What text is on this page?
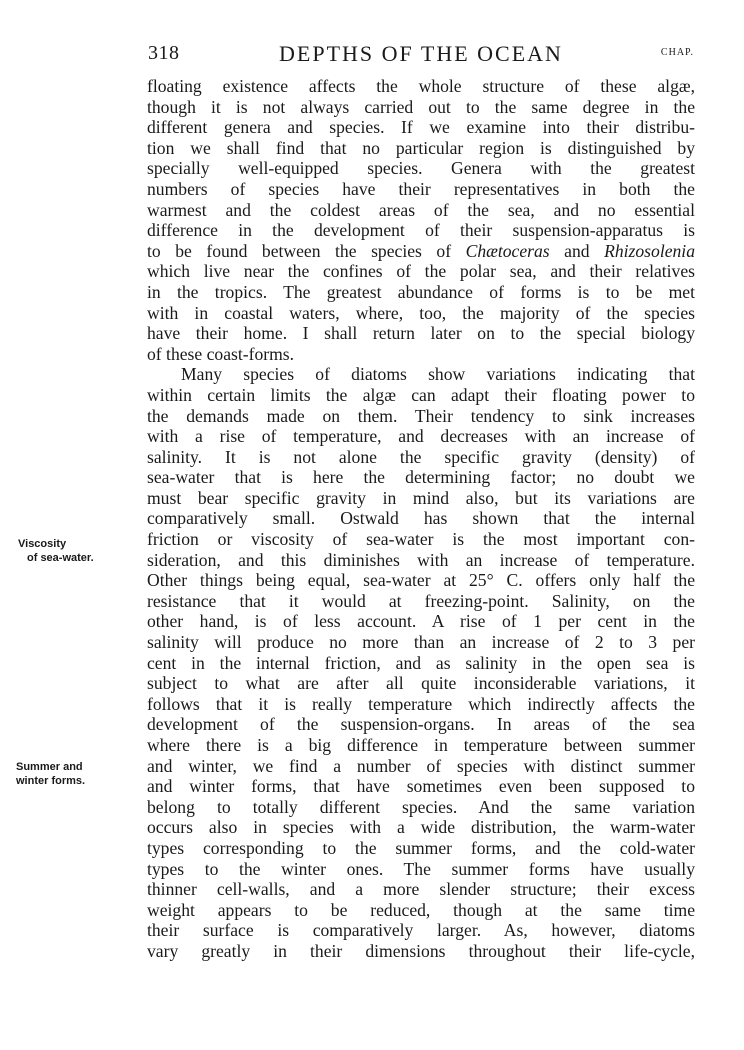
318	DEPTHS OF THE OCEAN	CHAP.
Viscosity
of sea-water.
Summer and
winter forms.
floating existence affects the whole structure of these algæ,
though it is not always carried out to the same degree in the
different genera and species. If we examine into their distribu-
tion we shall find that no particular region is distinguished by
specially well-equipped species. Genera with the greatest
numbers of species have their representatives in both the
warmest and the coldest areas of the sea, and no essential
difference in the development of their suspension-apparatus is
to be found between the species of Chætoceras and Rhizosolenia
which live near the confines of the polar sea, and their relatives
in the tropics. The greatest abundance of forms is to be met
with in coastal waters, where, too, the majority of the species
have their home. I shall return later on to the special biology
of these coast-forms.
Many species of diatoms show variations indicating that
within certain limits the algæ can adapt their floating power to
the demands made on them. Their tendency to sink increases
with a rise of temperature, and decreases with an increase of
salinity. It is not alone the specific gravity (density) of
sea-water that is here the determining factor; no doubt we
must bear specific gravity in mind also, but its variations are
comparatively small. Ostwald has shown that the internal
friction or viscosity of sea-water is the most important con-
sideration, and this diminishes with an increase of temperature.
Other things being equal, sea-water at 25° C. offers only half the
resistance that it would at freezing-point. Salinity, on the
other hand, is of less account. A rise of 1 per cent in the
salinity will produce no more than an increase of 2 to 3 per
cent in the internal friction, and as salinity in the open sea is
subject to what are after all quite inconsiderable variations, it
follows that it is really temperature which indirectly affects the
development of the suspension-organs. In areas of the sea
where there is a big difference in temperature between summer
and winter, we find a number of species with distinct summer
and winter forms, that have sometimes even been supposed to
belong to totally different species. And the same variation
occurs also in species with a wide distribution, the warm-water
types corresponding to the summer forms, and the cold-water
types to the winter ones. The summer forms have usually
thinner cell-walls, and a more slender structure; their excess
weight appears to be reduced, though at the same time
their surface is comparatively larger. As, however, diatoms
vary greatly in their dimensions throughout their life-cycle,
